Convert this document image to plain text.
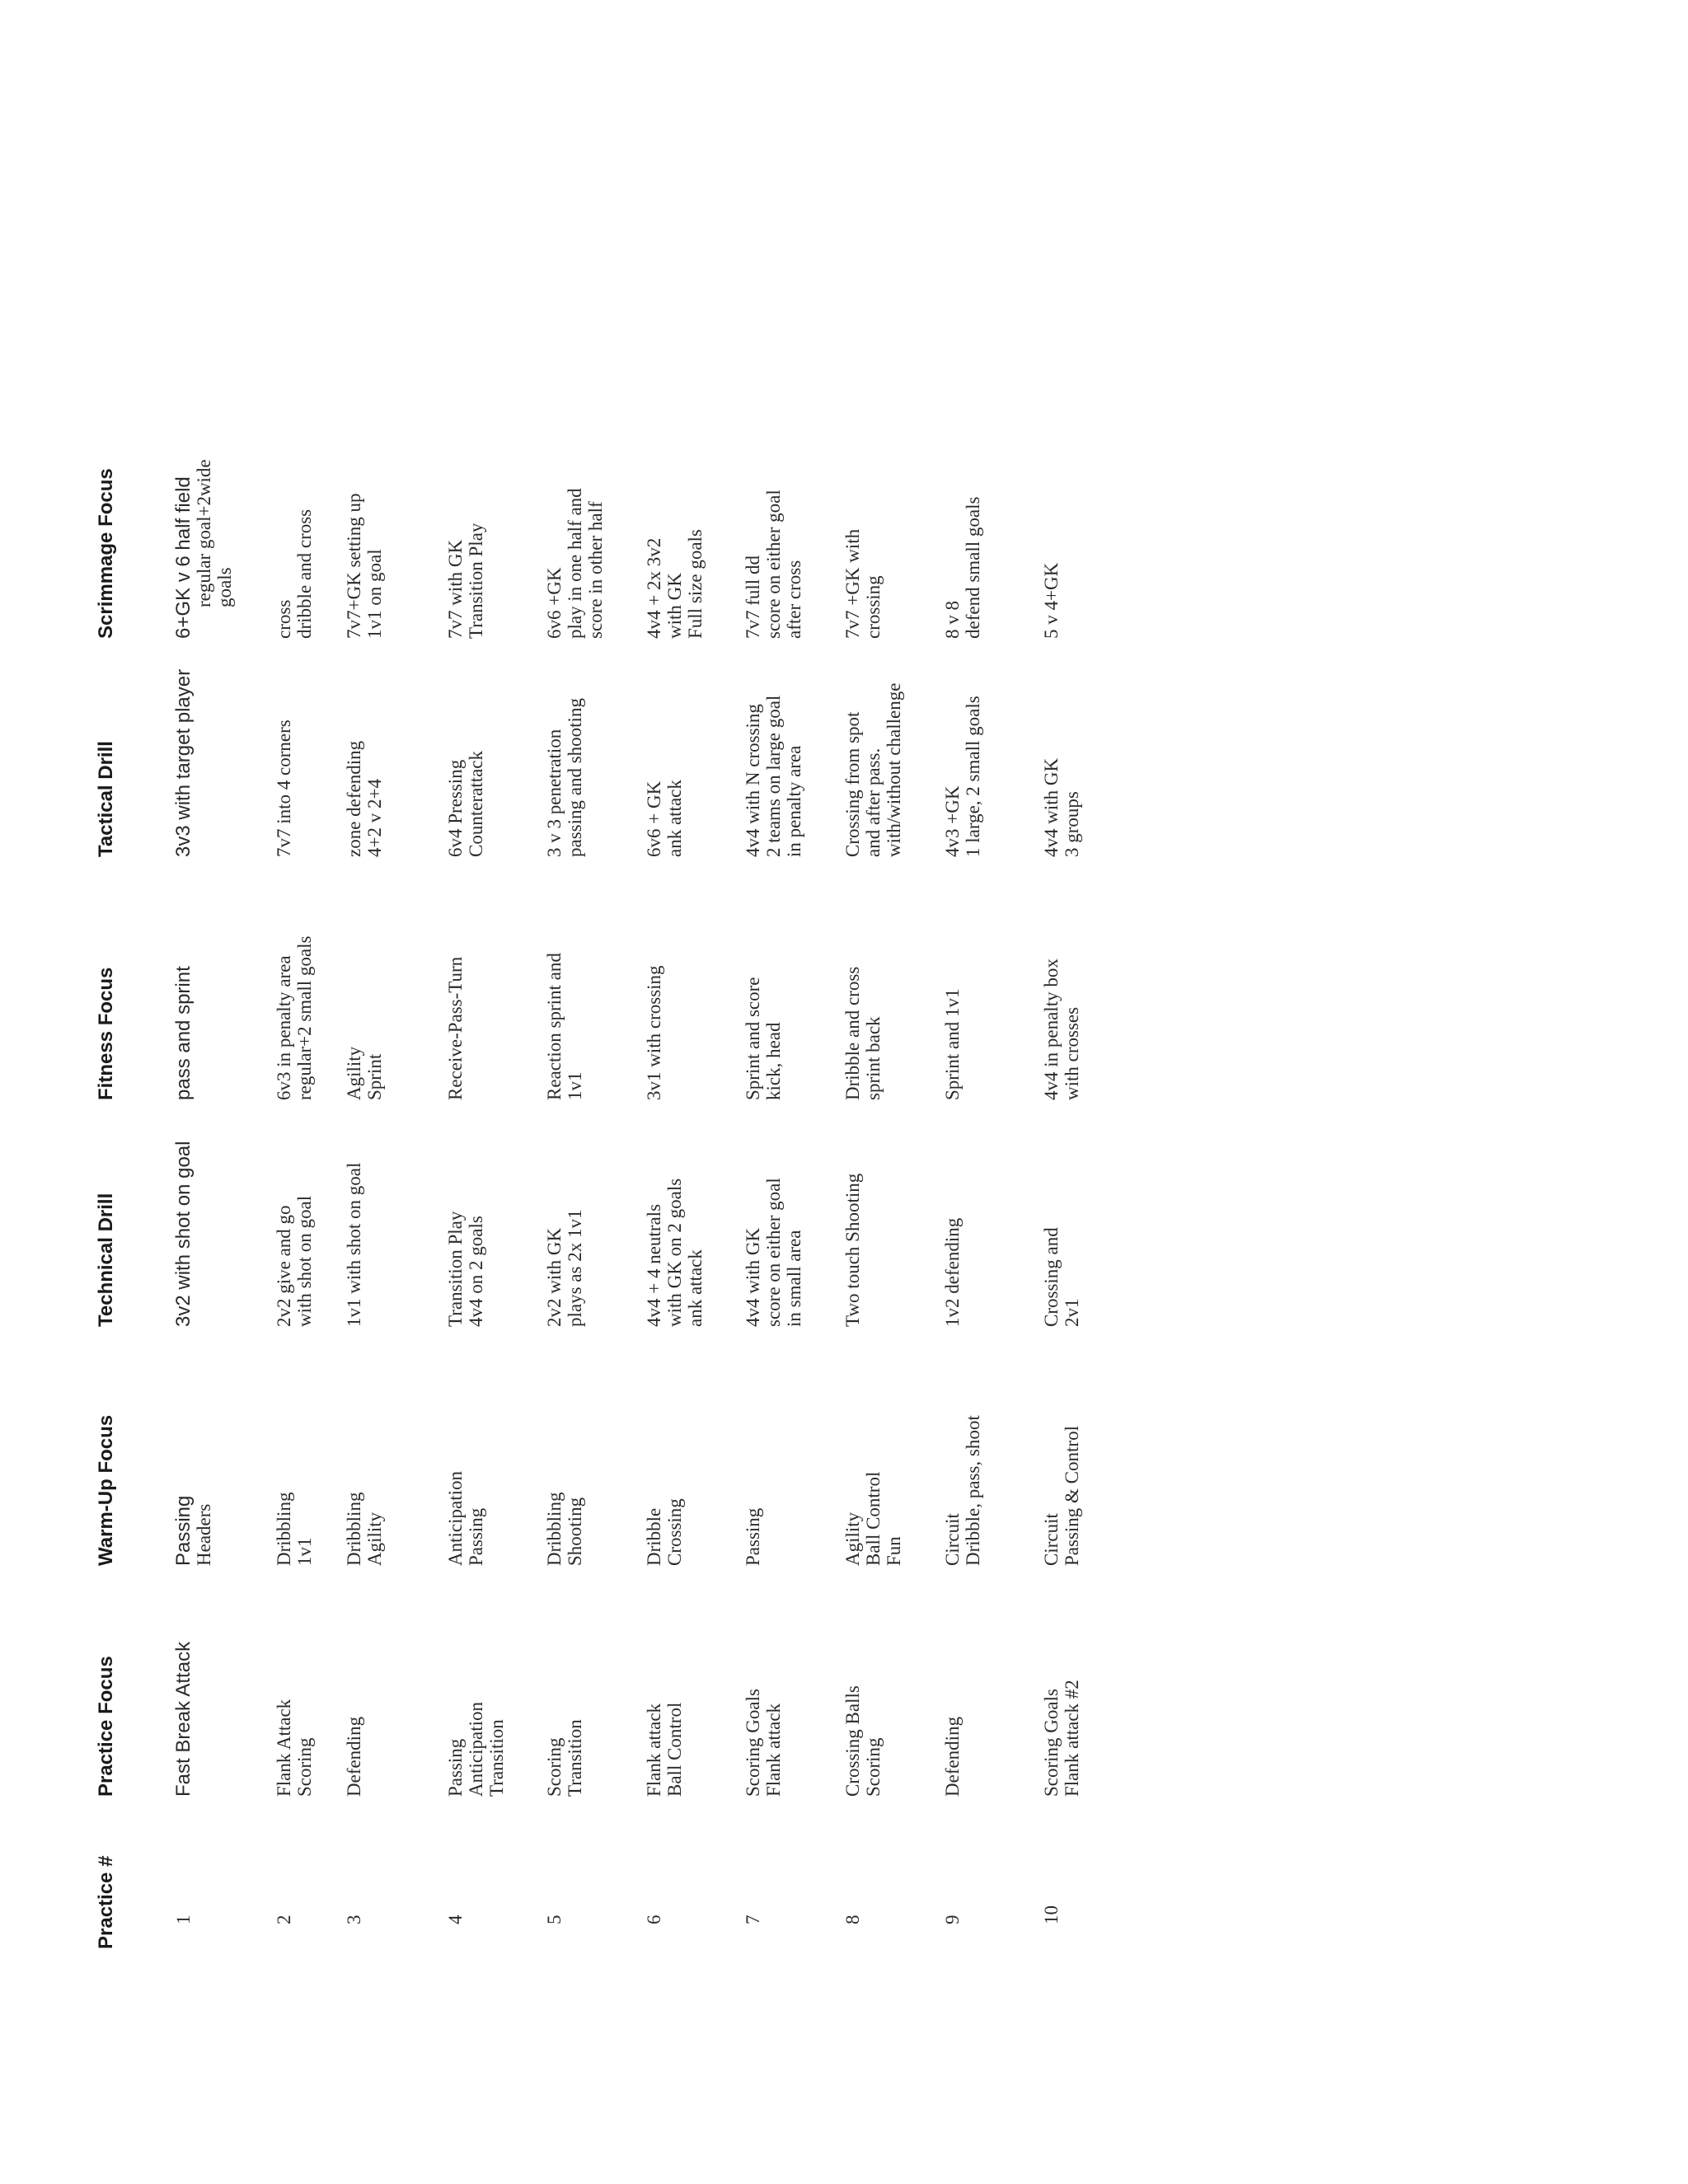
Practice #
Practice Focus
Warm-Up Focus
Technical Drill
Fitness Focus
Tactical Drill
Scrimmage Focus
1
Fast Break Attack
Passing Headers
3v2 with shot on goal
pass and sprint
3v3 with target player
6+GK v 6 half field regular goal+2wide goals
2
Flank Attack Scoring
Dribbling 1v1
2v2 give and go with shot on goal
6v3 in penalty area regular+2 small goals
7v7 into 4 corners
cross dribble and cross
3
Defending
Dribbling Agility
1v1 with shot on goal
Agility Sprint
zone defending 4+2 v 2+4
7v7+GK setting up 1v1 on goal
4
Passing Anticipation Transition
Anticipation Passing
Transition Play 4v4 on 2 goals
Receive-Pass-Turn
6v4 Pressing Counterattack
7v7 with GK Transition Play
5
Scoring Transition
Dribbling Shooting
2v2 with GK plays as 2x 1v1
Reaction sprint and 1v1
3 v 3 penetration passing and shooting
6v6 +GK play in one half and score in other half
6
Flank attack Ball Control
Dribble Crossing
4v4 + 4 neutrals with GK on 2 goals ank attack
3v1 with crossing
6v6 + GK ank attack
4v4 + 2x 3v2 with GK Full size goals
7
Scoring Goals Flank attack
Passing
4v4 with GK score on either goal in small area
Sprint and score kick, head
4v4 with N crossing 2 teams on large goal in penalty area
7v7 full dd score on either goal after cross
8
Crossing Balls Scoring
Agility Ball Control Fun
Two touch Shooting
Dribble and cross sprint back
Crossing from spot and after pass. with/without challenge
7v7 +GK with crossing
9
Defending
Circuit Dribble, pass, shoot
1v2 defending
Sprint and 1v1
4v3 +GK 1 large, 2 small goals
8 v 8 defend small goals
10
Scoring Goals Flank attack #2
Circuit Passing & Control
Crossing and 2v1
4v4 in penalty box with crosses
4v4 with GK 3 groups
5 v 4+GK
